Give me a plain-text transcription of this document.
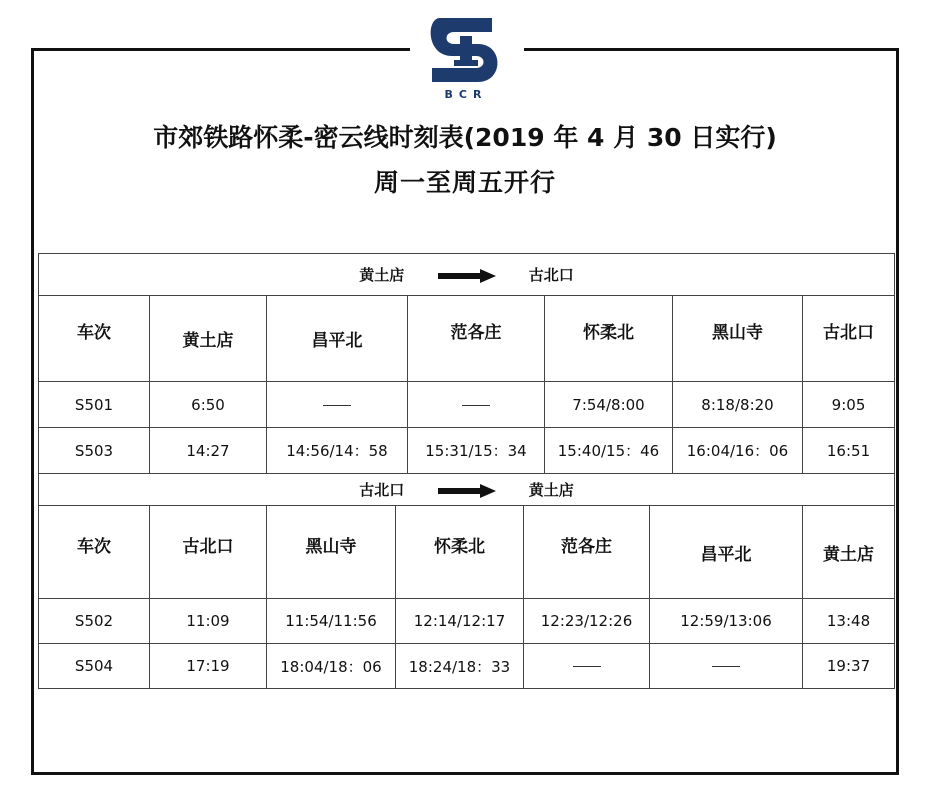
BCR
市郊铁路怀柔-密云线时刻表(2019 年 4 月 30 日实行)
周一至周五开行
黄土店 古北口						
车次	黄土店	昌平北	范各庄	怀柔北	黑山寺	古北口
S501	6:50			7:54/8:00	8:18/8:20	9:05
S503	14:27	14:56/14：58	15:31/15：34	15:40/15：46	16:04/16：06	16:51
古北口 黄土店						
车次	古北口	黑山寺	怀柔北	范各庄	昌平北	黄土店
S502	11:09	11:54/11:56	12:14/12:17	12:23/12:26	12:59/13:06	13:48
S504	17:19	18:04/18：06	18:24/18：33			19:37
